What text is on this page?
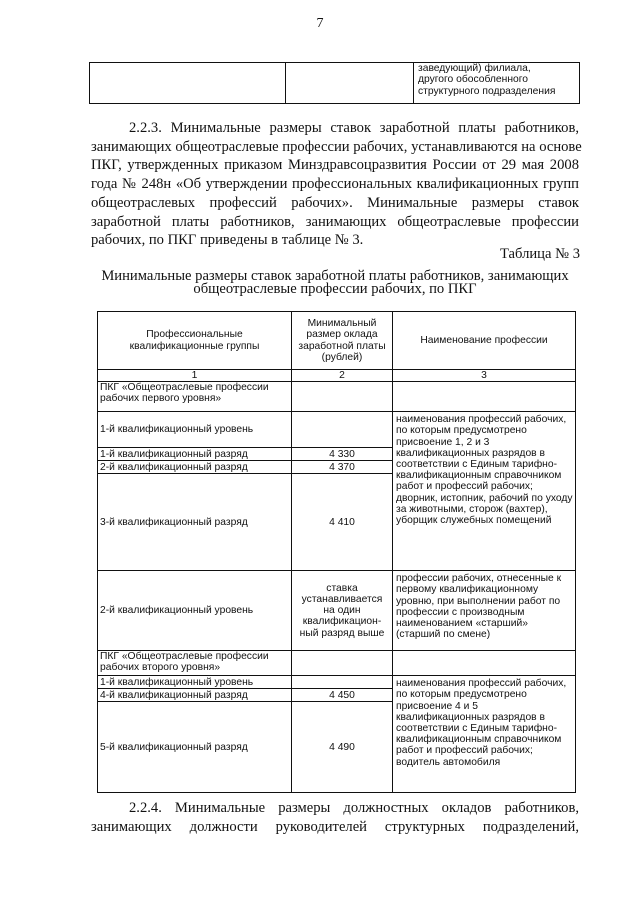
7

заведующий) филиала,
другого обособленного
структурного подразделения
2.2.3. Минимальные размеры ставок заработной платы работников,
занимающих общеотраслевые профессии рабочих, устанавливаются на основе
ПКГ, утвержденных приказом Минздравсоцразвития России от 29 мая 2008
года № 248н «Об утверждении профессиональных квалификационных групп
общеотраслевых профессий рабочих». Минимальные размеры ставок
заработной платы работников, занимающих общеотраслевые профессии
рабочих, по ПКГ приведены в таблице № 3.
Таблица № 3
Минимальные размеры ставок заработной платы работников, занимающих
общеотраслевые профессии рабочих, по ПКГ
Профессиональные квалификационные группы	Минимальный размер оклада заработной платы (рублей)	Наименование профессии
1	2	3
ПКГ «Общеотраслевые профессии рабочих первого уровня»		
1-й квалификационный уровень		наименования профессий рабочих, по которым предусмотрено присвоение 1, 2 и 3 квалификационных разрядов в соответствии с Единым тарифно-квалификационным справочником работ и профессий рабочих; дворник, истопник, рабочий по уходу за животными, сторож (вахтер), уборщик служебных помещений
1-й квалификационный разряд	4 330	
2-й квалификационный разряд	4 370	
3-й квалификационный разряд	4 410	
2-й квалификационный уровень	ставка устанавливается на один квалификацион-ный разряд выше	профессии рабочих, отнесенные к первому квалификационному уровню, при выполнении работ по профессии с производным наименованием «старший» (старший по смене)
ПКГ «Общеотраслевые профессии рабочих второго уровня»		
1-й квалификационный уровень		наименования профессий рабочих, по которым предусмотрено присвоение 4 и 5 квалификационных разрядов в соответствии с Единым тарифно-квалификационным справочником работ и профессий рабочих; водитель автомобиля
4-й квалификационный разряд	4 450	
5-й квалификационный разряд	4 490	
2.2.4. Минимальные размеры должностных окладов работников,
занимающих должности руководителей структурных подразделений,
